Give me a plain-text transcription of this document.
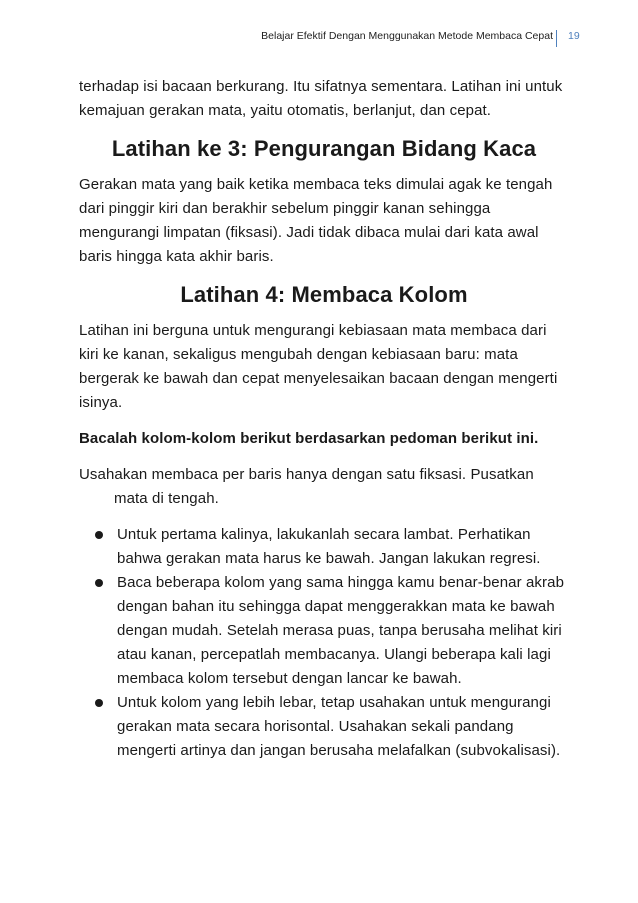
Belajar Efektif Dengan Menggunakan Metode Membaca Cepat 19

terhadap isi bacaan berkurang. Itu sifatnya sementara. Latihan ini untuk kemajuan gerakan mata, yaitu otomatis, berlanjut, dan cepat.

Latihan ke 3: Pengurangan Bidang Kaca

Gerakan mata yang baik ketika membaca teks dimulai agak ke tengah dari pinggir kiri dan berakhir sebelum pinggir kanan sehingga mengurangi limpatan (fiksasi). Jadi tidak dibaca mulai dari kata awal baris hingga kata akhir baris.

Latihan 4: Membaca Kolom

Latihan ini berguna untuk mengurangi kebiasaan mata membaca dari kiri ke kanan, sekaligus mengubah dengan kebiasaan baru: mata bergerak ke bawah dan cepat menyelesaikan bacaan dengan mengerti isinya.

Bacalah kolom-kolom berikut berdasarkan pedoman berikut ini.

Usahakan membaca per baris hanya dengan satu fiksasi. Pusatkan mata di tengah.

Untuk pertama kalinya, lakukanlah secara lambat. Perhatikan bahwa gerakan mata harus ke bawah. Jangan lakukan regresi.
Baca beberapa kolom yang sama hingga kamu benar-benar akrab dengan bahan itu sehingga dapat menggerakkan mata ke bawah dengan mudah. Setelah merasa puas, tanpa berusaha melihat kiri atau kanan, percepatlah membacanya. Ulangi beberapa kali lagi membaca kolom tersebut dengan lancar ke bawah.
Untuk kolom yang lebih lebar, tetap usahakan untuk mengurangi gerakan mata secara horisontal. Usahakan sekali pandang mengerti artinya dan jangan berusaha melafalkan (subvokalisasi).
